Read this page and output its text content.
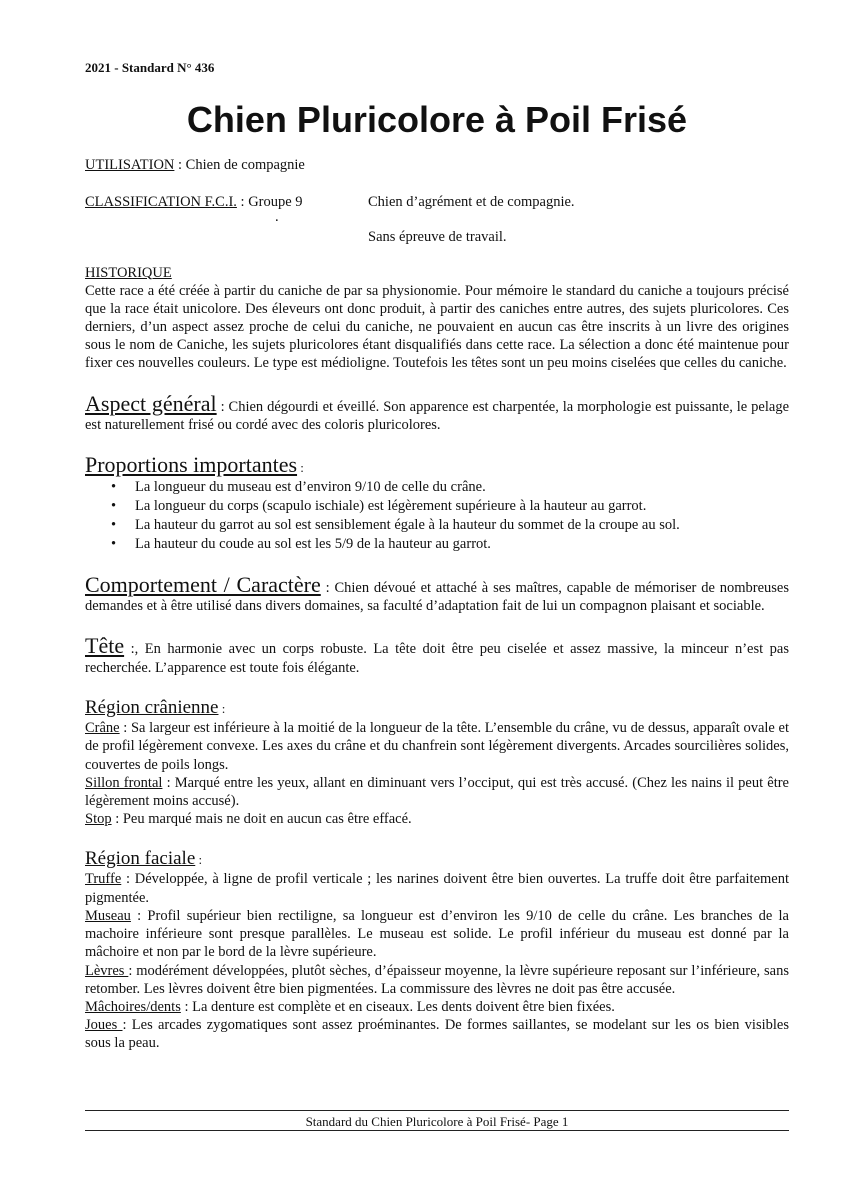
2021 - Standard N° 436
Chien Pluricolore à Poil Frisé
UTILISATION : Chien de compagnie
CLASSIFICATION F.C.I. : Groupe 9	Chien d’agrément et de compagnie.
.
Sans épreuve de travail.
HISTORIQUE

Cette race a été créée à partir du caniche de par sa physionomie. Pour mémoire le standard du caniche a toujours précisé que la race était unicolore. Des éleveurs ont donc produit, à partir des caniches entre autres, des sujets pluricolores. Ces derniers, d’un aspect assez proche de celui du caniche, ne pouvaient en aucun cas être inscrits à un livre des origines sous le nom de Caniche, les sujets pluricolores étant disqualifiés dans cette race. La sélection a donc été maintenue pour fixer ces nouvelles couleurs. Le type est médioligne. Toutefois les têtes sont un peu moins ciselées que celles du caniche.

Aspect général : Chien dégourdi et éveillé. Son apparence est charpentée, la morphologie est puissante, le pelage est naturellement frisé ou cordé avec des coloris pluricolores.

Proportions importantes :

• La longueur du museau est d’environ 9/10 de celle du crâne.
• La longueur du corps (scapulo ischiale) est légèrement supérieure à la hauteur au garrot.
• La hauteur du garrot au sol est sensiblement égale à la hauteur du sommet de la croupe au sol.
• La hauteur du coude au sol est les 5/9 de la hauteur au garrot.

Comportement / Caractère : Chien dévoué et attaché à ses maîtres, capable de mémoriser de nombreuses demandes et à être utilisé dans divers domaines, sa faculté d’adaptation fait de lui un compagnon plaisant et sociable.

Tête :, En harmonie avec un corps robuste. La tête doit être peu ciselée et assez massive, la minceur n’est pas recherchée. L’apparence est toute fois élégante.

Région crânienne :

Crâne : Sa largeur est inférieure à la moitié de la longueur de la tête. L’ensemble du crâne, vu de dessus, apparaît ovale et de profil légèrement convexe. Les axes du crâne et du chanfrein sont légèrement divergents. Arcades sourcilières solides, couvertes de poils longs.

Sillon frontal : Marqué entre les yeux, allant en diminuant vers l’occiput, qui est très accusé. (Chez les nains il peut être légèrement moins accusé).

Stop : Peu marqué mais ne doit en aucun cas être effacé.

Région faciale :

Truffe : Développée, à ligne de profil verticale ; les narines doivent être bien ouvertes. La truffe doit être parfaitement pigmentée.

Museau : Profil supérieur bien rectiligne, sa longueur est d’environ les 9/10 de celle du crâne. Les branches de la machoire inférieure sont presque parallèles. Le museau est solide. Le profil inférieur du museau est donné par la mâchoire et non par le bord de la lèvre supérieure.

Lèvres : modérément développées, plutôt sèches, d’épaisseur moyenne, la lèvre supérieure reposant sur l’inférieure, sans retomber. Les lèvres doivent être bien pigmentées. La commissure des lèvres ne doit pas être accusée.

Mâchoires/dents : La denture est complète et en ciseaux. Les dents doivent être bien fixées.

Joues : Les arcades zygomatiques sont assez proéminantes. De formes saillantes, se modelant sur les os bien visibles sous la peau.

Standard du Chien Pluricolore à Poil Frisé- Page 1
